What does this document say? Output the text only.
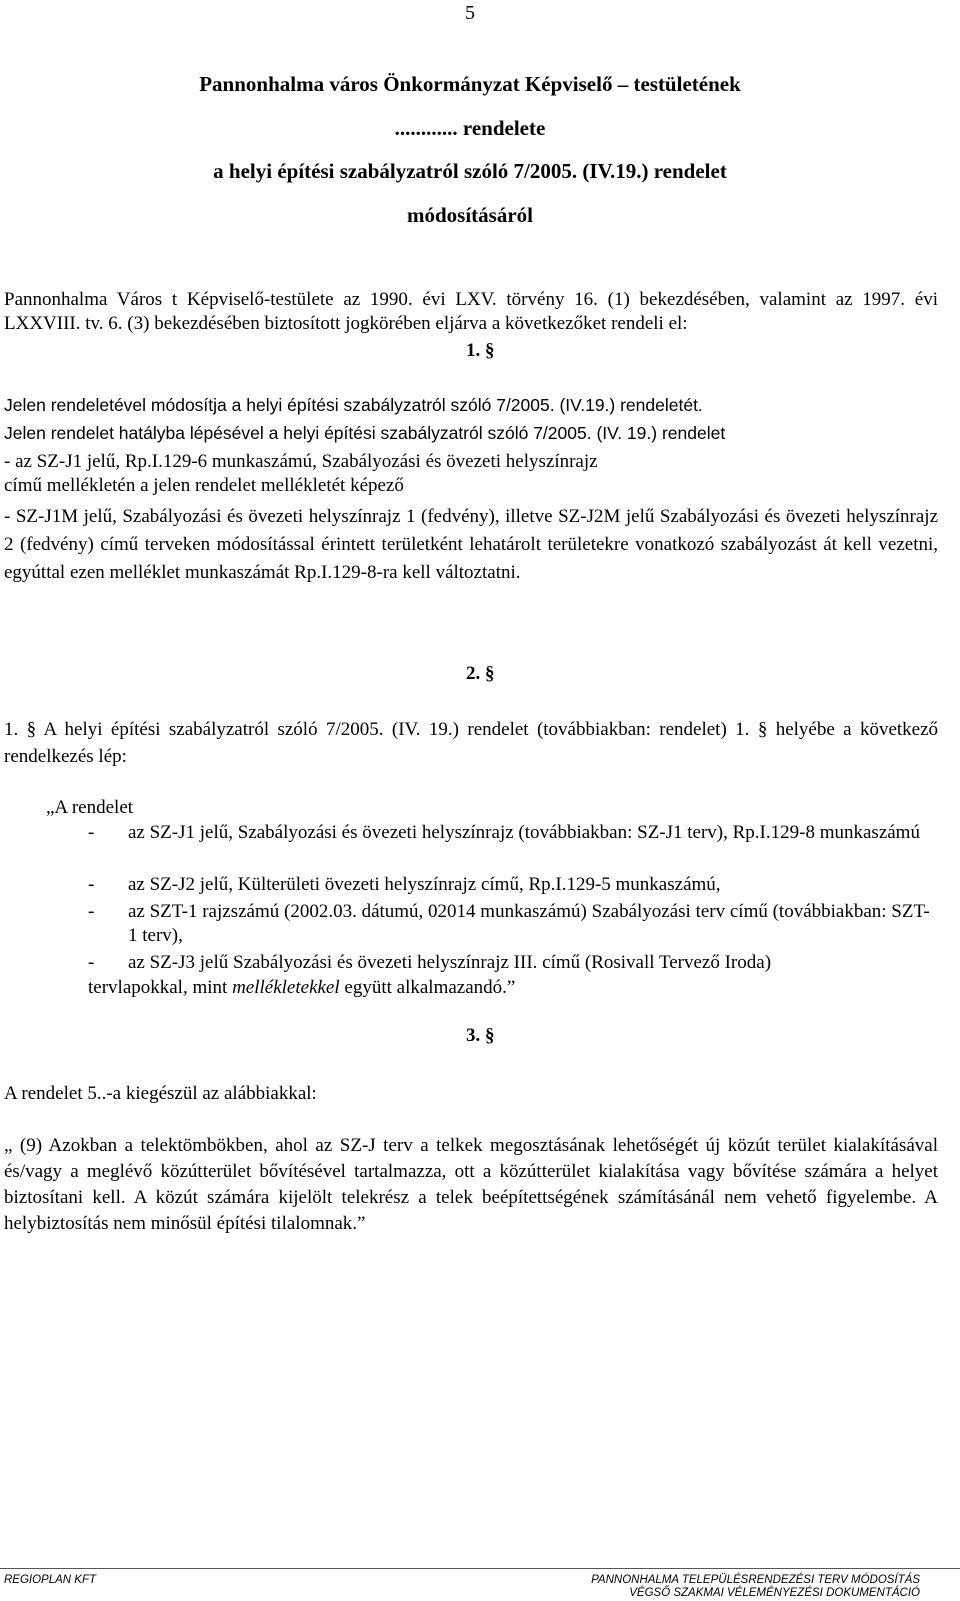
5
Pannonhalma város Önkormányzat Képviselő – testületének
............ rendelete
a helyi építési szabályzatról szóló 7/2005. (IV.19.) rendelet
módosításáról
Pannonhalma Város t Képviselő-testülete az 1990. évi LXV. törvény 16. (1) bekezdésében, valamint az 1997. évi LXXVIII. tv. 6. (3) bekezdésében biztosított jogkörében eljárva a következőket rendeli el:
1. §
Jelen rendeletével módosítja a helyi építési szabályzatról szóló 7/2005. (IV.19.) rendeletét.
Jelen rendelet hatályba lépésével a helyi építési szabályzatról szóló 7/2005. (IV. 19.) rendelet
- az SZ-J1 jelű, Rp.I.129-6 munkaszámú, Szabályozási és övezeti helyszínrajz
című mellékletén a jelen rendelet mellékletét képező
- SZ-J1M jelű, Szabályozási és övezeti helyszínrajz 1 (fedvény), illetve SZ-J2M jelű Szabályozási és övezeti helyszínrajz 2 (fedvény) című terveken módosítással érintett területként lehatárolt területekre vonatkozó szabályozást át kell vezetni, egyúttal ezen melléklet munkaszámát Rp.I.129-8-ra kell változtatni.
2. §
1. § A helyi építési szabályzatról szóló 7/2005. (IV. 19.) rendelet (továbbiakban: rendelet) 1. § helyébe a következő rendelkezés lép:
„A rendelet
- az SZ-J1 jelű, Szabályozási és övezeti helyszínrajz (továbbiakban: SZ-J1 terv), Rp.I.129-8 munkaszámú
- az SZ-J2 jelű, Külterületi övezeti helyszínrajz című, Rp.I.129-5 munkaszámú,
- az SZT-1 rajzszámú (2002.03. dátumú, 02014 munkaszámú) Szabályozási terv című (továbbiakban: SZT-1 terv),
- az SZ-J3 jelű Szabályozási és övezeti helyszínrajz III. című (Rosivall Tervező Iroda)
tervlapokkal, mint mellékletekkel együtt alkalmazandó.”
3. §
A rendelet 5..-a kiegészül az alábbiakkal:
„ (9) Azokban a telektömbökben, ahol az SZ-J terv a telkek megosztásának lehetőségét új közút terület kialakításával és/vagy a meglévő közútterület bővítésével tartalmazza, ott a közútterület kialakítása vagy bővítése számára a helyet biztosítani kell. A közút számára kijelölt telekrész a telek beépítettségének számításánál nem vehető figyelembe. A helybiztosítás nem minősül építési tilalomnak.”
REGIOPLAN KFT	PANNONHALMA TELEPÜLÉSRENDEZÉSI TERV MÓDOSÍTÁS
VÉGSŐ SZAKMAI VÉLEMÉNYEZÉSI DOKUMENTÁCIÓ
